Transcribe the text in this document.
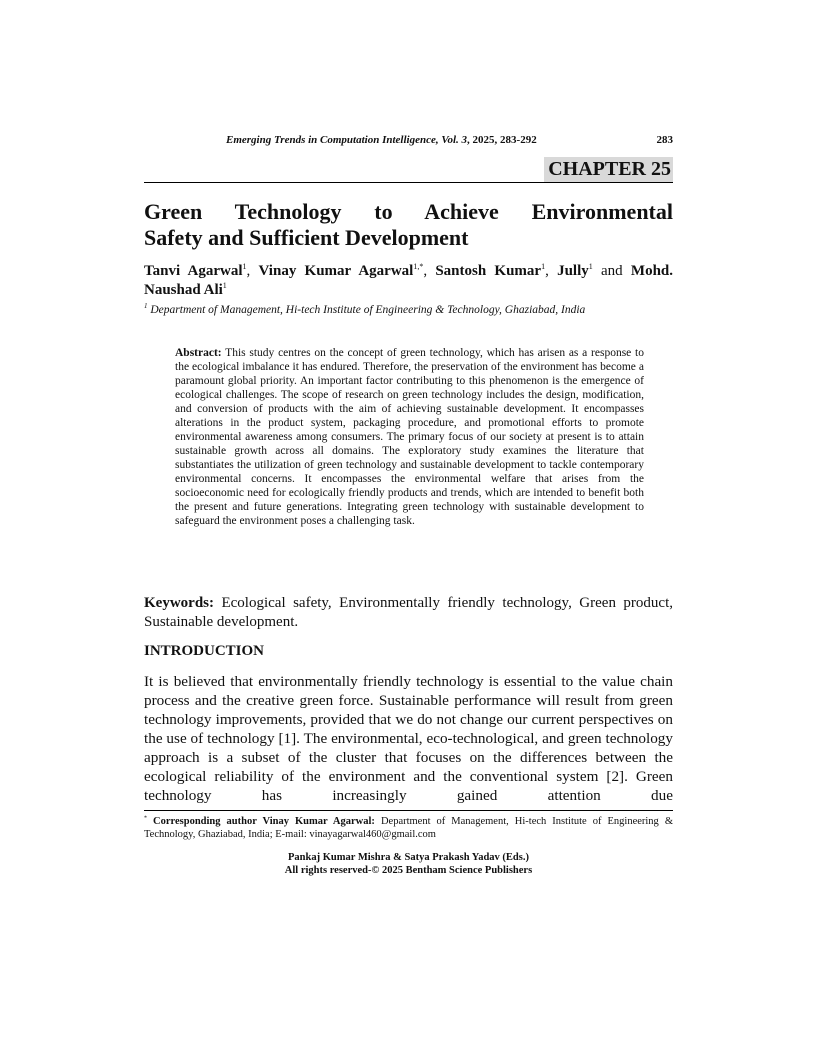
Emerging Trends in Computation Intelligence, Vol. 3, 2025, 283-292	283
CHAPTER 25
Green Technology to Achieve Environmental
Safety and Sufficient Development
Tanvi Agarwal$^1$, Vinay Kumar Agarwal$^{1,*}$, Santosh Kumar$^1$, Jully$^1$ and Mohd. Naushad Ali$^1$
$^1$ Department of Management, Hi-tech Institute of Engineering & Technology, Ghaziabad, India

Abstract: This study centres on the concept of green technology, which has arisen as a response to the ecological imbalance it has endured. Therefore, the preservation of the environment has become a paramount global priority. An important factor contributing to this phenomenon is the emergence of ecological challenges. The scope of research on green technology includes the design, modification, and conversion of products with the aim of achieving sustainable development. It encompasses alterations in the product system, packaging procedure, and promotional efforts to promote environmental awareness among consumers. The primary focus of our society at present is to attain sustainable growth across all domains. The exploratory study examines the literature that substantiates the utilization of green technology and sustainable development to tackle contemporary environmental concerns. It encompasses the environmental welfare that arises from the socioeconomic need for ecologically friendly products and trends, which are intended to benefit both the present and future generations. Integrating green technology with sustainable development to safeguard the environment poses a challenging task.

Keywords: Ecological safety, Environmentally friendly technology, Green product, Sustainable development.

INTRODUCTION

It is believed that environmentally friendly technology is essential to the value chain process and the creative green force. Sustainable performance will result from green technology improvements, provided that we do not change our current perspectives on the use of technology [1]. The environmental, eco-technological, and green technology approach is a subset of the cluster that focuses on the differences between the ecological reliability of the environment and the conventional system [2]. Green technology has increasingly gained attention due

* Corresponding author Vinay Kumar Agarwal: Department of Management, Hi-tech Institute of Engineering & Technology, Ghaziabad, India; E-mail: vinayagarwal460@gmail.com

Pankaj Kumar Mishra & Satya Prakash Yadav (Eds.)
All rights reserved-© 2025 Bentham Science Publishers
